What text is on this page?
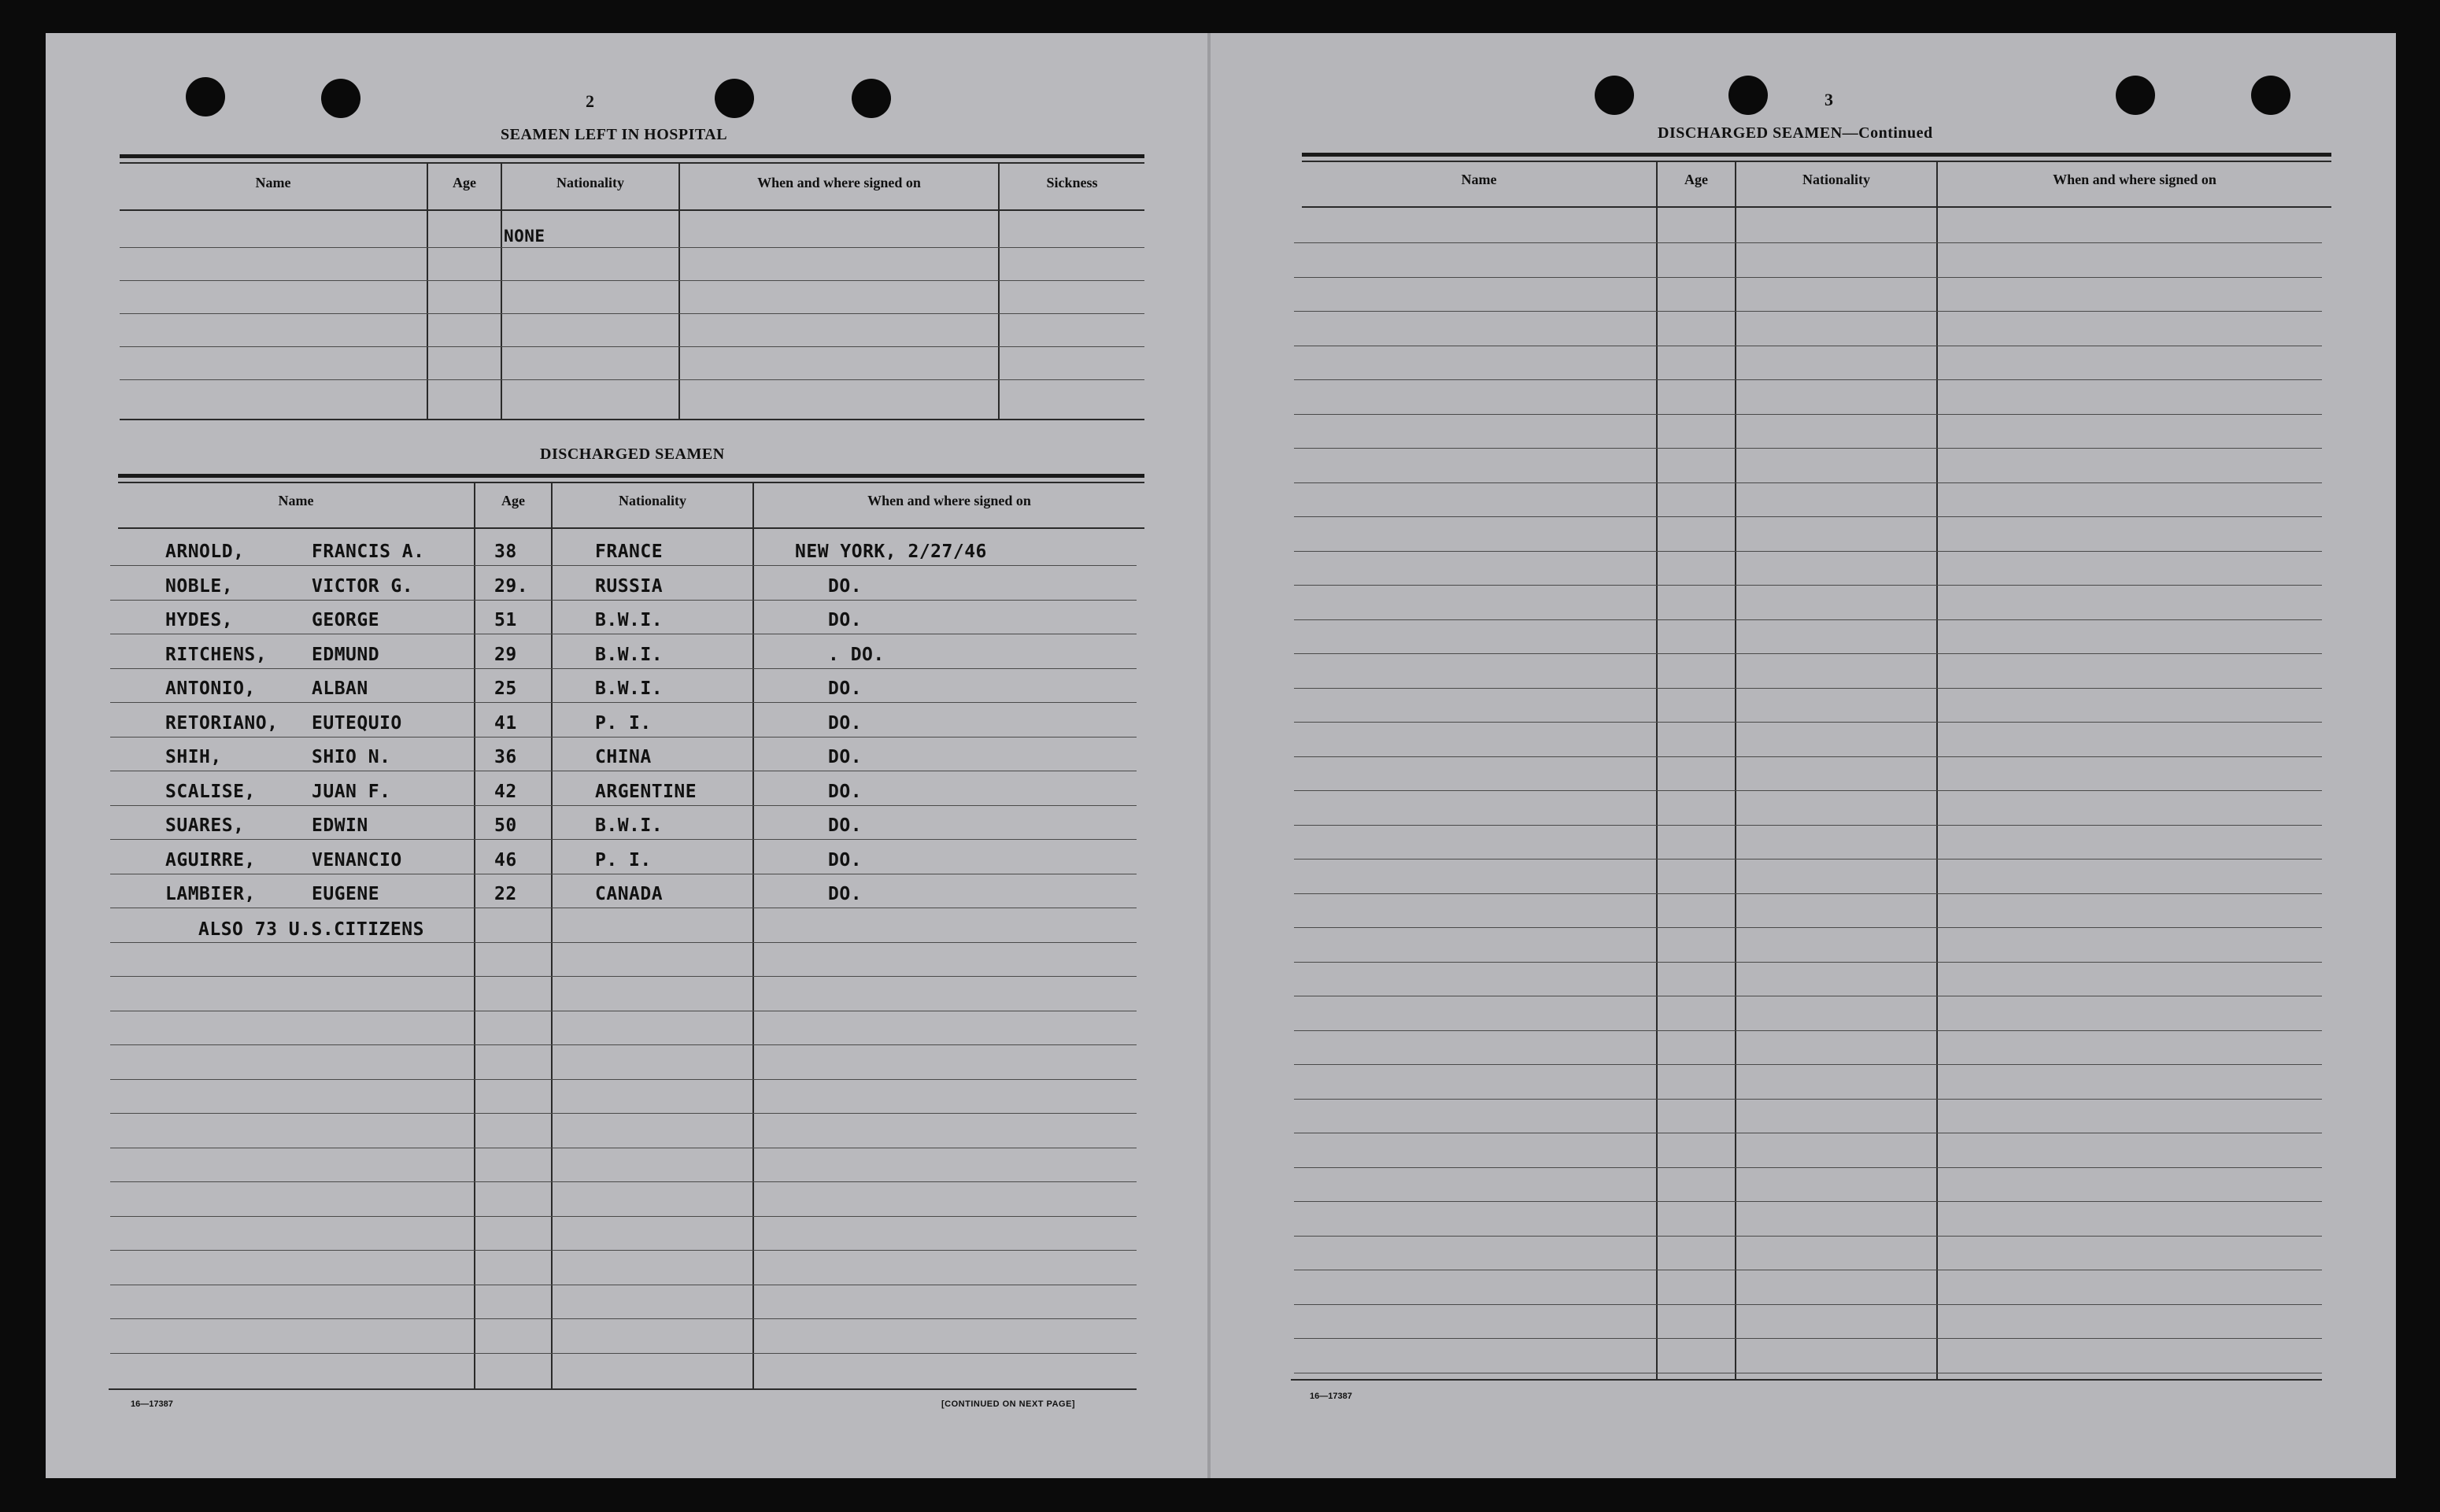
2
SEAMEN LEFT IN HOSPITAL
Name	Age	Nationality	When and where signed on	Sickness
NONE
DISCHARGED SEAMEN
Name	Age	Nationality	When and where signed on
ARNOLD,	FRANCIS A.	38	FRANCE	NEW YORK, 2/27/46
NOBLE,	VICTOR G.	29.	RUSSIA	DO.
HYDES,	GEORGE	51	B.W.I.	DO.
RITCHENS, EDMUND	29	B.W.I.	. DO.
ANTONIO,	ALBAN	25	B.W.I.	DO.
RETORIANO, EUTEQUIO	41	P. I.	DO.
SHIH,	SHIO N.	36	CHINA	DO.
SCALISE,	JUAN F.	42	ARGENTINE	DO.
SUARES,	EDWIN	50	B.W.I.	DO.
AGUIRRE,	VENANCIO	46	P. I.	DO.
LAMBIER,	EUGENE	22	CANADA	DO.
ALSO 73 U.S.CITIZENS
16—17387	[CONTINUED ON NEXT PAGE]
3
DISCHARGED SEAMEN—Continued
Name	Age	Nationality	When and where signed on
16—17387
